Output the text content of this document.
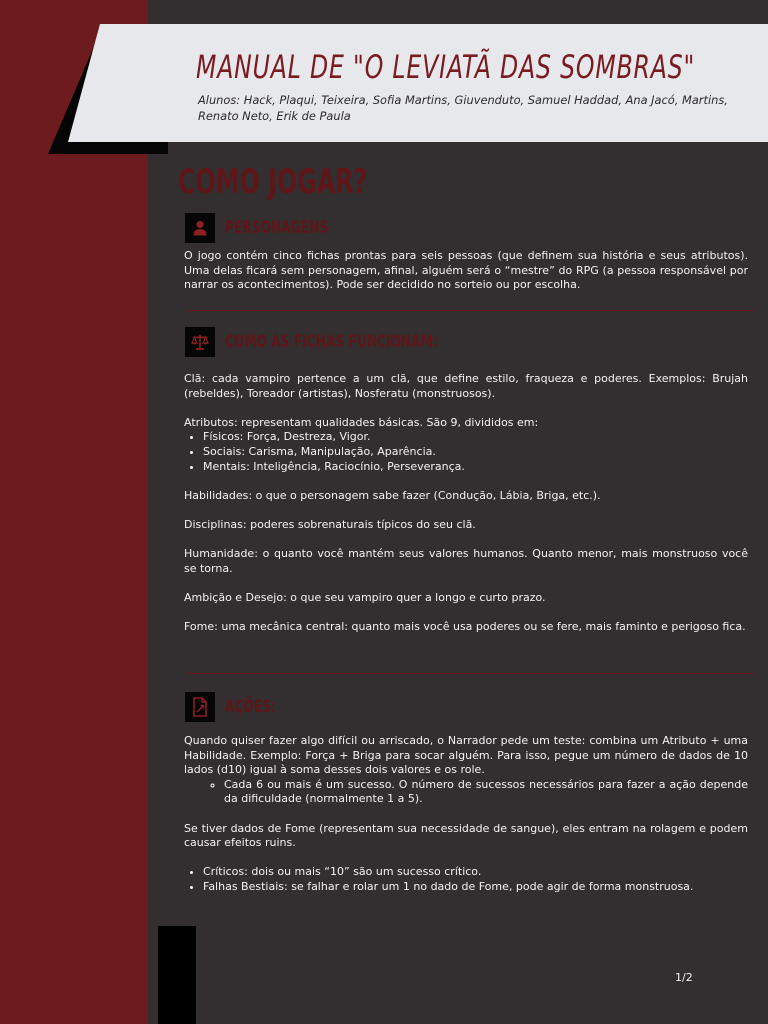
MANUAL DE "O LEVIATÃ DAS SOMBRAS"

Alunos: Hack, Plaqui, Teixeira, Sofia Martins, Giuvenduto, Samuel Haddad, Ana Jacó, Martins, Renato Neto, Erik de Paula

COMO JOGAR?
PERSONAGENS

O jogo contém cinco fichas prontas para seis pessoas (que definem sua história e seus atributos). Uma delas ficará sem personagem, afinal, alguém será o “mestre” do RPG (a pessoa responsável por narrar os acontecimentos). Pode ser decidido no sorteio ou por escolha.

COMO AS FICHAS FUNCIONAM:

Clã: cada vampiro pertence a um clã, que define estilo, fraqueza e poderes. Exemplos: Brujah (rebeldes), Toreador (artistas), Nosferatu (monstruosos).

Atributos: representam qualidades básicas. São 9, divididos em:

• Físicos: Força, Destreza, Vigor.
• Sociais: Carisma, Manipulação, Aparência.
• Mentais: Inteligência, Raciocínio, Perseverança.

Habilidades: o que o personagem sabe fazer (Condução, Lábia, Briga, etc.).

Disciplinas: poderes sobrenaturais típicos do seu clã.

Humanidade: o quanto você mantém seus valores humanos. Quanto menor, mais monstruoso você se torna.

Ambição e Desejo: o que seu vampiro quer a longo e curto prazo.

Fome: uma mecânica central: quanto mais você usa poderes ou se fere, mais faminto e perigoso fica.

AÇÕES:

Quando quiser fazer algo difícil ou arriscado, o Narrador pede um teste: combina um Atributo + uma Habilidade. Exemplo: Força + Briga para socar alguém. Para isso, pegue um número de dados de 10 lados (d10) igual à soma desses dois valores e os role.

◦ Cada 6 ou mais é um sucesso. O número de sucessos necessários para fazer a ação depende da dificuldade (normalmente 1 a 5).

Se tiver dados de Fome (representam sua necessidade de sangue), eles entram na rolagem e podem causar efeitos ruins.

• Críticos: dois ou mais “10” são um sucesso crítico.
• Falhas Bestiais: se falhar e rolar um 1 no dado de Fome, pode agir de forma monstruosa.
1/2
